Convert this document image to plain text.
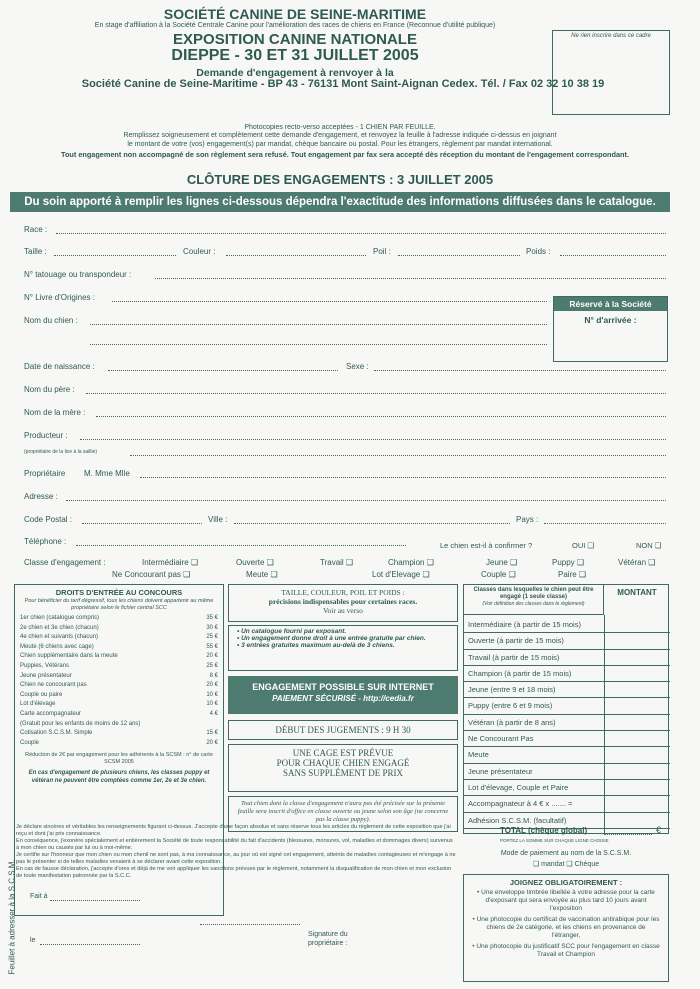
SOCIÉTÉ CANINE DE SEINE-MARITIME
En stage d'affiliation à la Société Centrale Canine pour l'amélioration des races de chiens en France (Reconnue d'utilité publique)
EXPOSITION CANINE NATIONALE
DIEPPE - 30 ET 31 JUILLET 2005
Demande d'engagement à renvoyer à la
Société Canine de Seine-Maritime - BP 43 - 76131 Mont Saint-Aignan Cedex. Tél. / Fax 02 32 10 38 19
Photocopies recto-verso acceptées - 1 CHIEN PAR FEUILLE.
Remplissez soigneusement et complètement cette demande d'engagement, et renvoyez la feuille à l'adresse indiquée ci-dessus en joignant
le montant de votre (vos) engagement(s) par mandat, chèque bancaire ou postal. Pour les étrangers, règlement par mandat international.
Tout engagement non accompagné de son règlement sera refusé. Tout engagement par fax sera accepté dès réception du montant de l'engagement correspondant.
Ne rien inscrire dans ce cadre
CLÔTURE DES ENGAGEMENTS : 3 JUILLET 2005
Du soin apporté à remplir les lignes ci-dessous dépendra l'exactitude des informations diffusées dans le catalogue.
Race :
Taille :	Couleur :	Poil :	Poids :
N° tatouage ou transpondeur :
N° Livre d'Origines :
Nom du chien :
Réservé à la Société
N° d'arrivée :
Date de naissance :	Sexe :
Nom du père :
Nom de la mère :
Producteur :
(propriétaire de la lice à la saillie)
Propriétaire M. Mme Mlle
Adresse :
Code Postal :	Ville :	Pays :
Téléphone :	Le chien est-il à confirmer ?	OUI ❑	NON ❑
Classe d'engagement :	Intermédiaire ❑	Ouverte ❑	Travail ❑	Champion ❑	Jeune ❑	Puppy ❑	Vétéran ❑
Ne Concourant pas ❑	Meute ❑	Lot d'Elevage ❑	Couple ❑	Paire ❑
DROITS D'ENTRÉE AU CONCOURS
Pour bénéficier du tarif dégressif, tous les chiens doivent appartenir au même propriétaire selon le fichier central SCC
1er chien (catalogue compris)	35 €
2e chien et 3e chien (chacun)	30 €
4e chien et suivants (chacun)	25 €
Meute (6 chiens avec cage)	55 €
Chien supplémentaire dans la meute	20 €
Puppies, Vétérans	25 €
Jeune présentateur	8 €
Chien ne concourant pas	20 €
Couple ou paire	10 €
Lot d'élevage	10 €
Carte accompagnateur	4 €
(Gratuit pour les enfants de moins de 12 ans)
Cotisation S.C.S.M. Simple	15 €
Couple	20 €
Réduction de 2€ par engagement pour les adhérents à la SCSM : n° de carte SCSM 2005
En cas d'engagement de plusieurs chiens, les classes puppy et vétéran ne peuvent être comptées comme 1er, 2e et 3e chien.
TAILLE, COULEUR, POIL ET POIDS :
précisions indispensables pour certaines races.
Voir au verso
• Un catalogue fourni par exposant.
• Un engagement donne droit à une entrée gratuite par chien.
• 3 entrées gratuites maximum au-delà de 3 chiens.
ENGAGEMENT POSSIBLE SUR INTERNET
PAIEMENT SÉCURISÉ - http://cedia.fr
DÉBUT DES JUGEMENTS : 9 H 30
UNE CAGE EST PRÉVUE
POUR CHAQUE CHIEN ENGAGÉ
SANS SUPPLÉMENT DE PRIX
Tout chien dont la classe d'engagement n'aura pas été précisée sur la présente feuille sera inscrit d'office en classe ouverte ou jeune selon son âge (ne concerne pas la classe puppy).
Classes dans lesquelles le chien peut être engagé (1 seule classe)
(Voir définition des classes dans le règlement)
MONTANT
Intermédiaire (à partir de 15 mois)
Ouverte (à partir de 15 mois)
Travail (à partir de 15 mois)
Champion (à partir de 15 mois)
Jeune (entre 9 et 18 mois)
Puppy (entre 6 et 9 mois)
Vétéran (à partir de 8 ans)
Ne Concourant Pas
Meute
Jeune présentateur
Lot d'élevage, Couple et Paire
Accompagnateur à 4 € x ....... =
Adhésion S.C.S.M. (facultatif)
TOTAL (chèque global)	€
PORTEZ LA SOMME SUR CHAQUE LIGNE CHOISIE
Mode de paiement au nom de la S.C.S.M.
❑ mandat ❑ Chèque
JOIGNEZ OBLIGATOIREMENT :
• Une enveloppe timbrée libellée à votre adresse pour la carte d'exposant qui sera envoyée au plus tard 10 jours avant l'exposition
• Une photocopie du certificat de vaccination antirabique pour les chiens de 2e catégorie, et les chiens en provenance de l'étranger,
• Une photocopie du justificatif SCC pour l'engagement en classe Travail et Champion
Je déclare sincères et véritables les renseignements figurant ci-dessus. J'accepte d'une façon absolue et sans réserve tous les articles du règlement de cette exposition que j'ai reçu et dont j'ai pris connaissance.
En conséquence, j'exonère spécialement et entièrement la Société de toute responsabilité du fait d'accidents (blessures, morsures, vol, maladies et dommages divers) survenus à mon chien ou causés par lui ou à moi-même.
Je certifie sur l'honneur que mon chien ou mon chenil ne sont pas, à ma connaissance, au jour où est signé cet engagement, atteints de maladies contagieuses et m'engage à ne pas le présenter si de telles maladies venaient à se déclarer avant cette exposition.
En cas de fausse déclaration, j'accepte d'ores et déjà de me voir appliquer les sanctions prévues par le règlement, notamment la disqualification de mon chien et mon exclusion de toute manifestation patronnée par la S.C.C.
Fait à
le
Signature du propriétaire :
Feuillet à adresser à la S.C.S.M.
